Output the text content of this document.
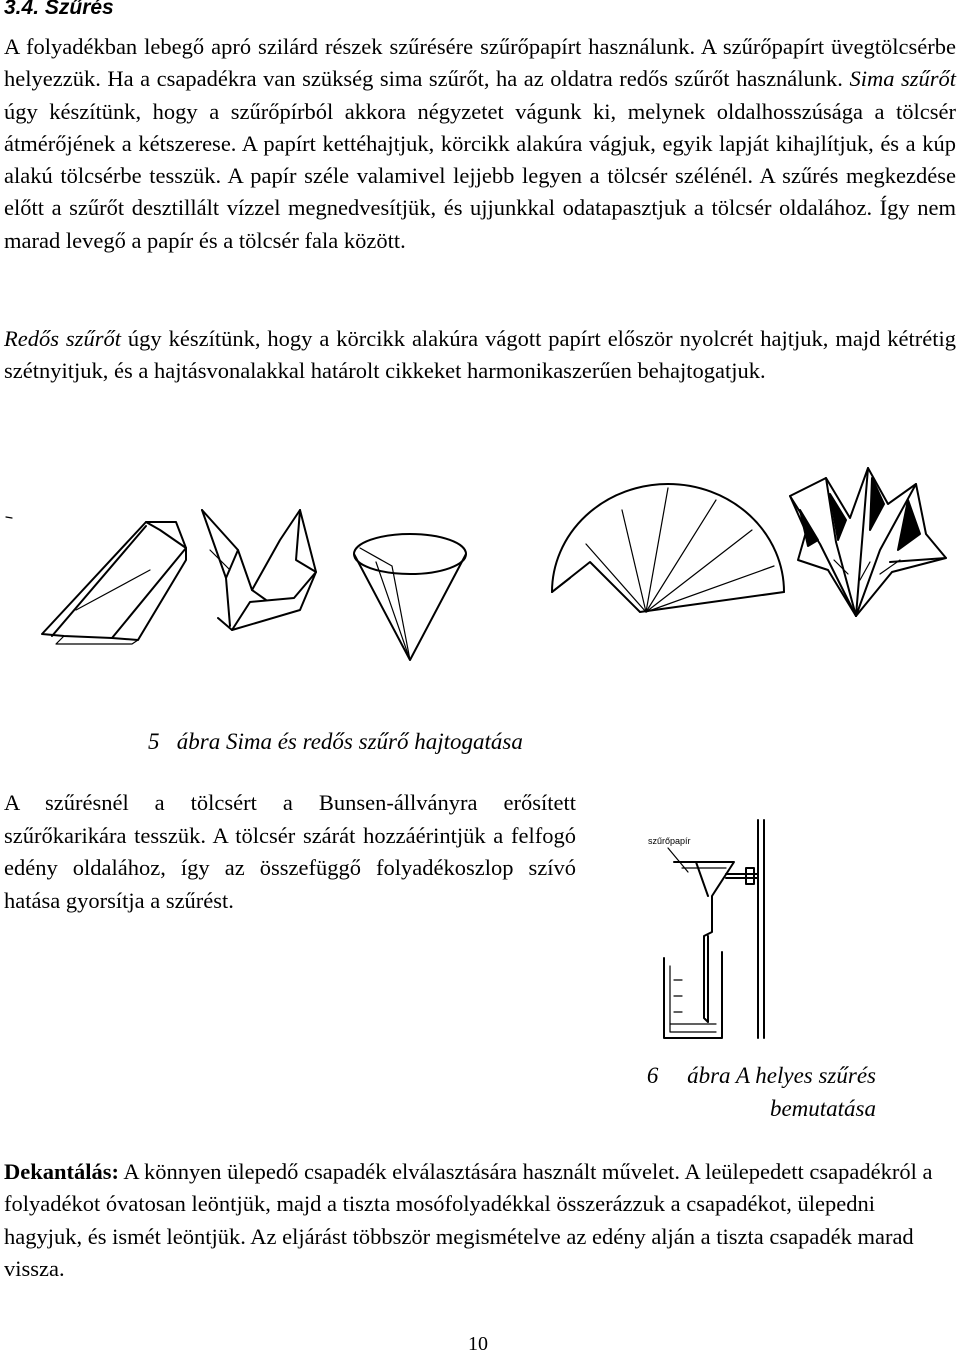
3.4. Szűrés

A folyadékban lebegő apró szilárd részek szűrésére szűrőpapírt használunk. A szűrőpapírt üvegtölcsérbe helyezzük. Ha a csapadékra van szükség sima szűrőt, ha az oldatra redős szűrőt használunk. Sima szűrőt úgy készítünk, hogy a szűrőpírból akkora négyzetet vágunk ki, melynek oldalhosszúsága a tölcsér átmérőjének a kétszerese. A papírt kettéhajtjuk, körcikk alakúra vágjuk, egyik lapját kihajlítjuk, és a kúp alakú tölcsérbe tesszük. A papír széle valamivel lejjebb legyen a tölcsér szélénél. A szűrés megkezdése előtt a szűrőt desztillált vízzel megnedvesítjük, és ujjunkkal odatapasztjuk a tölcsér oldalához. Így nem marad levegő a papír és a tölcsér fala között.

Redős szűrőt úgy készítünk, hogy a körcikk alakúra vágott papírt először nyolcrét hajtjuk, majd kétrétig szétnyitjuk, és a hajtásvonalakkal határolt cikkeket harmonikaszerűen behajtogatjuk.

5 ábra Sima és redős szűrő hajtogatása

A szűrésnél a tölcsért a Bunsen-állványra erősített szűrőkarikára tesszük. A tölcsér szárát hozzáérintjük a felfogó edény oldalához, így az összefüggő folyadékoszlop szívó hatása gyorsítja a szűrést.

szűrőpapír

6 ábra A helyes szűrés
bemutatása

Dekantálás: A könnyen ülepedő csapadék elválasztására használt művelet. A leülepedett csapadékról a folyadékot óvatosan leöntjük, majd a tiszta mosófolyadékkal összerázzuk a csapadékot, ülepedni hagyjuk, és ismét leöntjük. Az eljárást többször megismételve az edény alján a tiszta csapadék marad vissza.

10
